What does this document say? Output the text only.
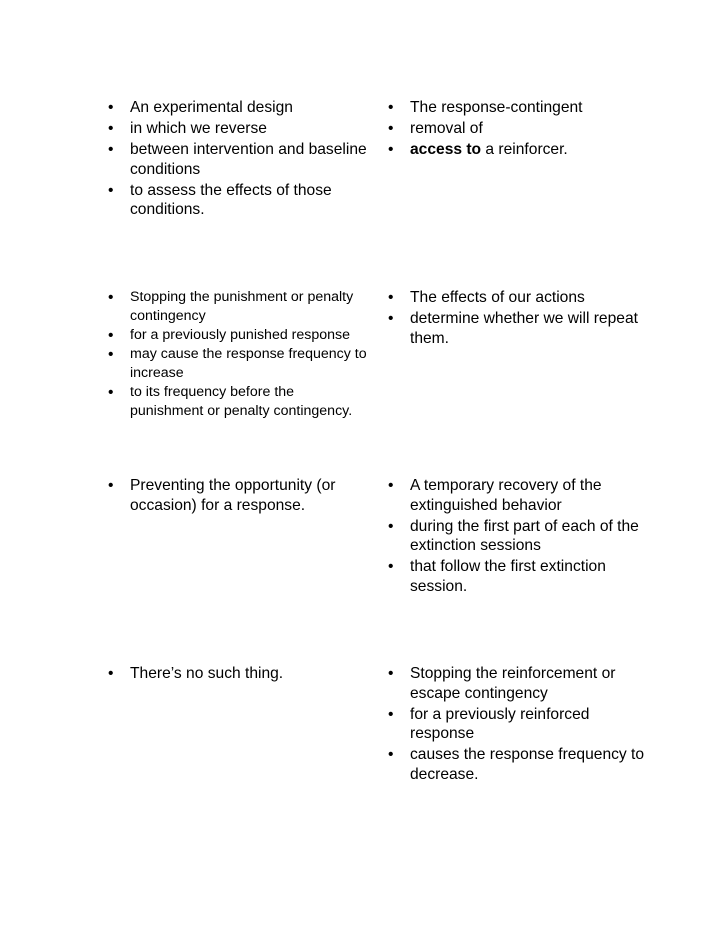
• An experimental design
• in which we reverse
• between intervention and baseline conditions
• to assess the effects of those conditions.
• The response-contingent
• removal of
• access to a reinforcer.
• Stopping the punishment or penalty contingency
• for a previously punished response
• may cause the response frequency to increase
• to its frequency before the punishment or penalty contingency.
• The effects of our actions
• determine whether we will repeat them.
• Preventing the opportunity (or occasion) for a response.
• A temporary recovery of the extinguished behavior
• during the first part of each of the extinction sessions
• that follow the first extinction session.
• There’s no such thing.
•	Stopping the reinforcement or escape contingency
• for a previously reinforced response
• causes the response frequency to decrease.
